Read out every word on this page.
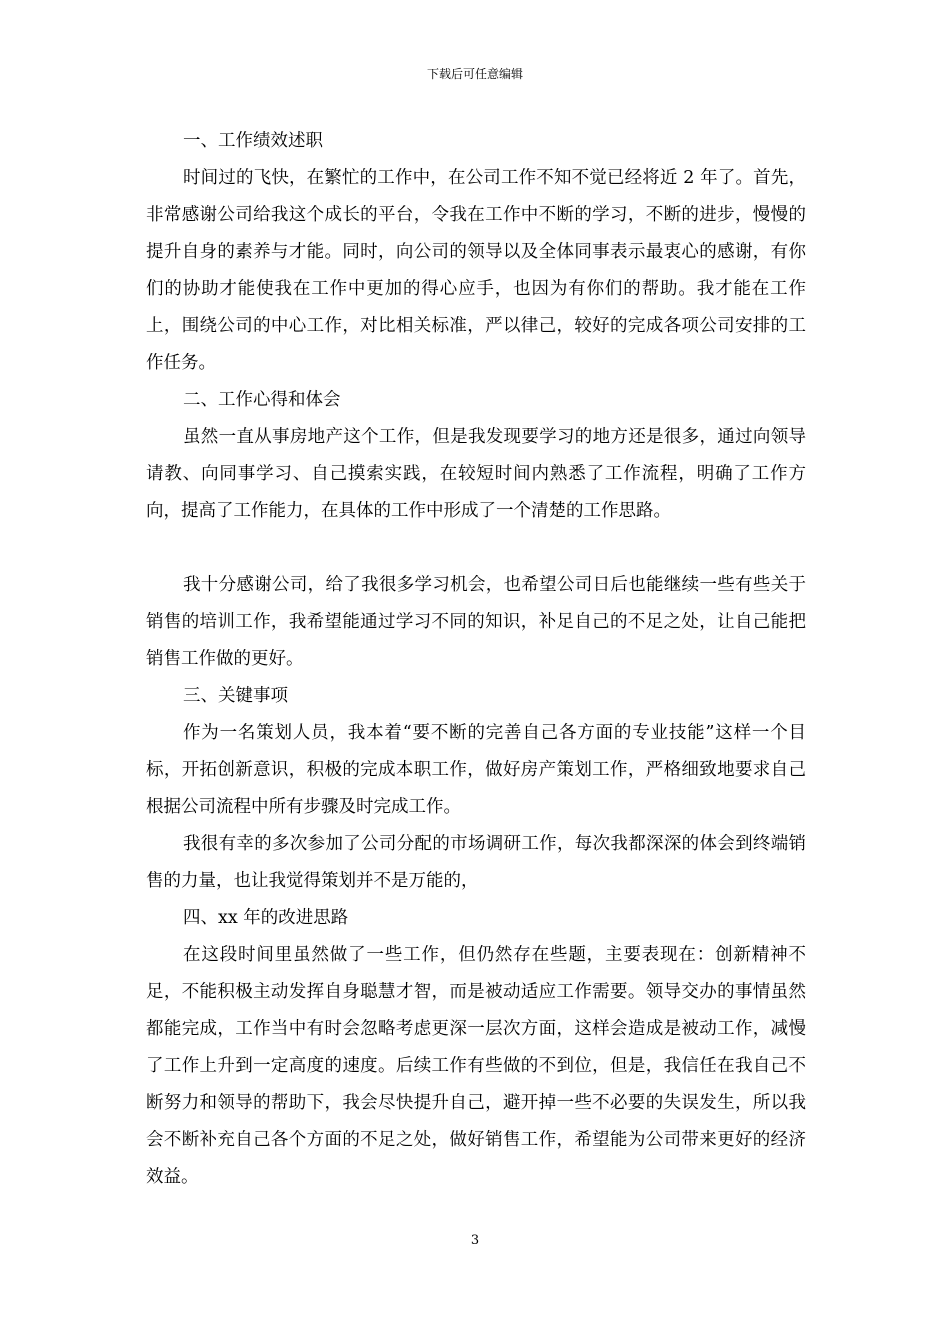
下载后可任意编辑

一、工作绩效述职

时间过的飞快，在繁忙的工作中，在公司工作不知不觉已经将近 2 年了。首先，非常感谢公司给我这个成长的平台，令我在工作中不断的学习，不断的进步，慢慢的提升自身的素养与才能。同时，向公司的领导以及全体同事表示最衷心的感谢，有你们的协助才能使我在工作中更加的得心应手，也因为有你们的帮助。我才能在工作上，围绕公司的中心工作，对比相关标准，严以律己，较好的完成各项公司安排的工作任务。

二、工作心得和体会

虽然一直从事房地产这个工作，但是我发现要学习的地方还是很多，通过向领导请教、向同事学习、自己摸索实践，在较短时间内熟悉了工作流程，明确了工作方向，提高了工作能力，在具体的工作中形成了一个清楚的工作思路。

我十分感谢公司，给了我很多学习机会，也希望公司日后也能继续一些有些关于销售的培训工作，我希望能通过学习不同的知识，补足自己的不足之处，让自己能把销售工作做的更好。

三、关键事项

作为一名策划人员，我本着“要不断的完善自己各方面的专业技能”这样一个目标，开拓创新意识，积极的完成本职工作，做好房产策划工作，严格细致地要求自己根据公司流程中所有步骤及时完成工作。

我很有幸的多次参加了公司分配的市场调研工作，每次我都深深的体会到终端销售的力量，也让我觉得策划并不是万能的，

四、xx 年的改进思路

在这段时间里虽然做了一些工作，但仍然存在些题，主要表现在：创新精神不足，不能积极主动发挥自身聪慧才智，而是被动适应工作需要。领导交办的事情虽然都能完成，工作当中有时会忽略考虑更深一层次方面，这样会造成是被动工作，减慢了工作上升到一定高度的速度。后续工作有些做的不到位，但是，我信任在我自己不断努力和领导的帮助下，我会尽快提升自己，避开掉一些不必要的失误发生，所以我会不断补充自己各个方面的不足之处，做好销售工作，希望能为公司带来更好的经济效益。

3
